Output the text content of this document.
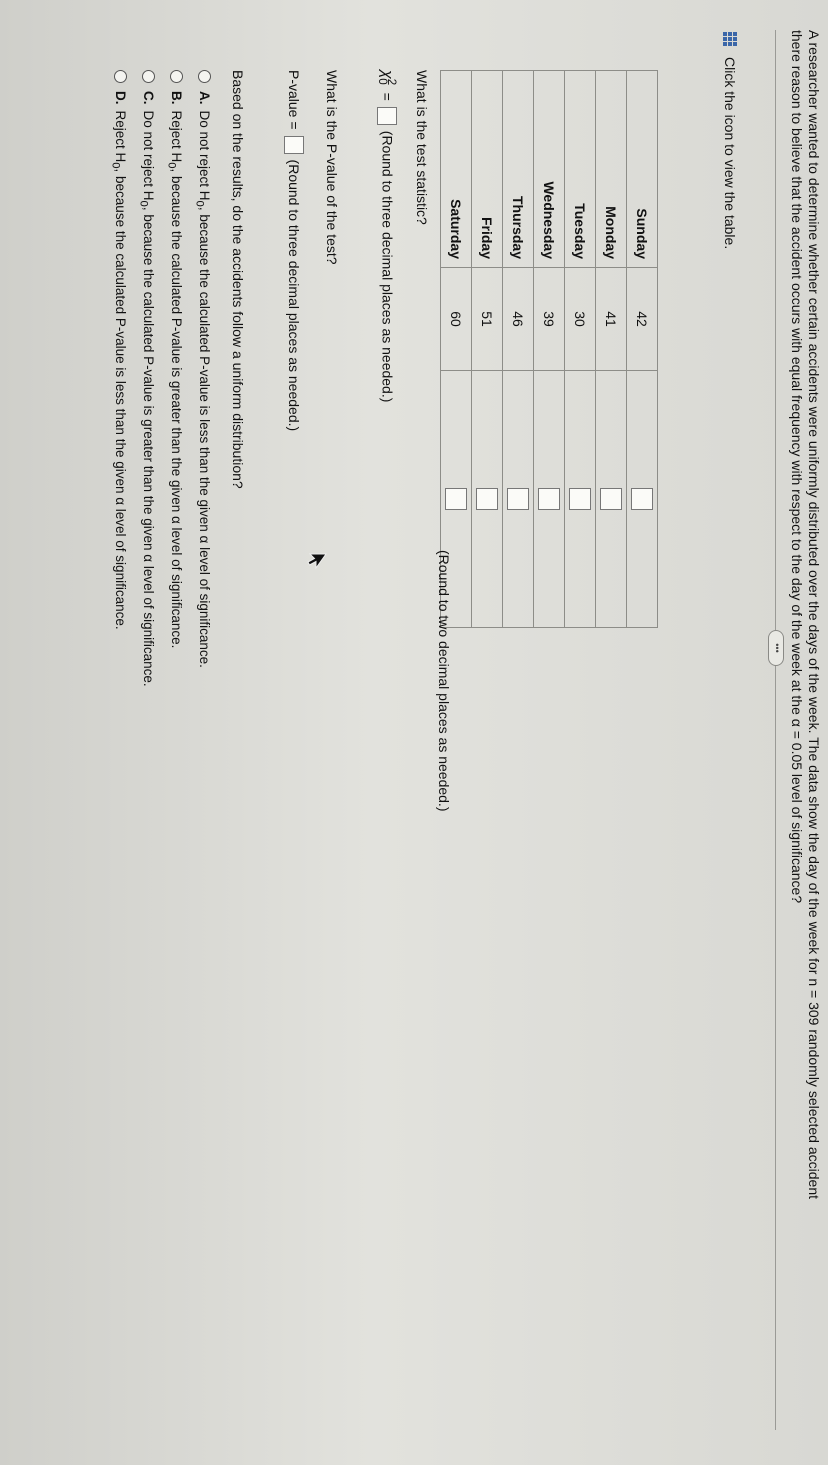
A researcher wanted to determine whether certain accidents were uniformly distributed over the days of the week. The data show the day of the week for n = 309 randomly selected accident
there reason to believe that the accident occurs with equal frequency with respect to the day of the week at the α = 0.05 level of significance?
•••
Click the icon to view the table.
Sunday	42	
Monday	41	
Tuesday	30	
Wednesday	39	
Thursday	46	
Friday	51	
Saturday	60	
(Round to two decimal places as needed.)
What is the test statistic?
$\chi^2_0$ =(Round to three decimal places as needed.)
What is the P-value of the test?
P-value =(Round to three decimal places as needed.)
Based on the results, do the accidents follow a uniform distribution?
A.Do not reject $H_0$, because the calculated P-value is less than the given α level of significance.
B.Reject $H_0$, because the calculated P-value is greater than the given α level of significance.
C.Do not reject $H_0$, because the calculated P-value is greater than the given α level of significance.
D.Reject $H_0$, because the calculated P-value is less than the given α level of significance.
